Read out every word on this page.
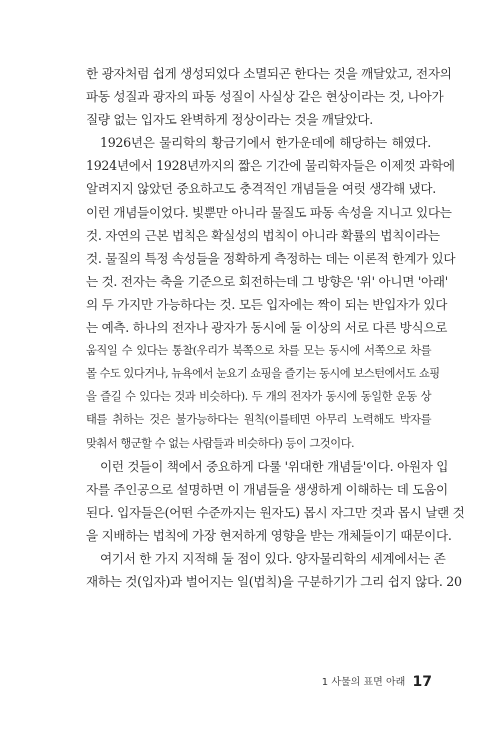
한 광자처럼 쉽게 생성되었다 소멸되곤 한다는 것을 깨달았고, 전자의
파동 성질과 광자의 파동 성질이 사실상 같은 현상이라는 것, 나아가
질량 없는 입자도 완벽하게 정상이라는 것을 깨달았다.
1926년은 물리학의 황금기에서 한가운데에 해당하는 해였다.
1924년에서 1928년까지의 짧은 기간에 물리학자들은 이제껏 과학에
알려지지 않았던 중요하고도 충격적인 개념들을 여럿 생각해 냈다.
이런 개념들이었다. 빛뿐만 아니라 물질도 파동 속성을 지니고 있다는
것. 자연의 근본 법칙은 확실성의 법칙이 아니라 확률의 법칙이라는
것. 물질의 특정 속성들을 정확하게 측정하는 데는 이론적 한계가 있다
는 것. 전자는 축을 기준으로 회전하는데 그 방향은 '위' 아니면 '아래'
의 두 가지만 가능하다는 것. 모든 입자에는 짝이 되는 반입자가 있다
는 예측. 하나의 전자나 광자가 동시에 둘 이상의 서로 다른 방식으로
움직일 수 있다는 통찰(우리가 북쪽으로 차를 모는 동시에 서쪽으로 차를
몰 수도 있다거나, 뉴욕에서 눈요기 쇼핑을 즐기는 동시에 보스턴에서도 쇼핑
을 즐길 수 있다는 것과 비슷하다). 두 개의 전자가 동시에 동일한 운동 상
태를 취하는 것은 불가능하다는 원칙(이를테면 아무리 노력해도 박자를
맞춰서 행군할 수 없는 사람들과 비슷하다) 등이 그것이다.
이런 것들이 책에서 중요하게 다룰 '위대한 개념들'이다. 아원자 입
자를 주인공으로 설명하면 이 개념들을 생생하게 이해하는 데 도움이
된다. 입자들은(어떤 수준까지는 원자도) 몹시 자그만 것과 몹시 날랜 것
을 지배하는 법칙에 가장 현저하게 영향을 받는 개체들이기 때문이다.
여기서 한 가지 지적해 둘 점이 있다. 양자물리학의 세계에서는 존
재하는 것(입자)과 벌어지는 일(법칙)을 구분하기가 그리 쉽지 않다. 20
1 사물의 표면 아래 17
